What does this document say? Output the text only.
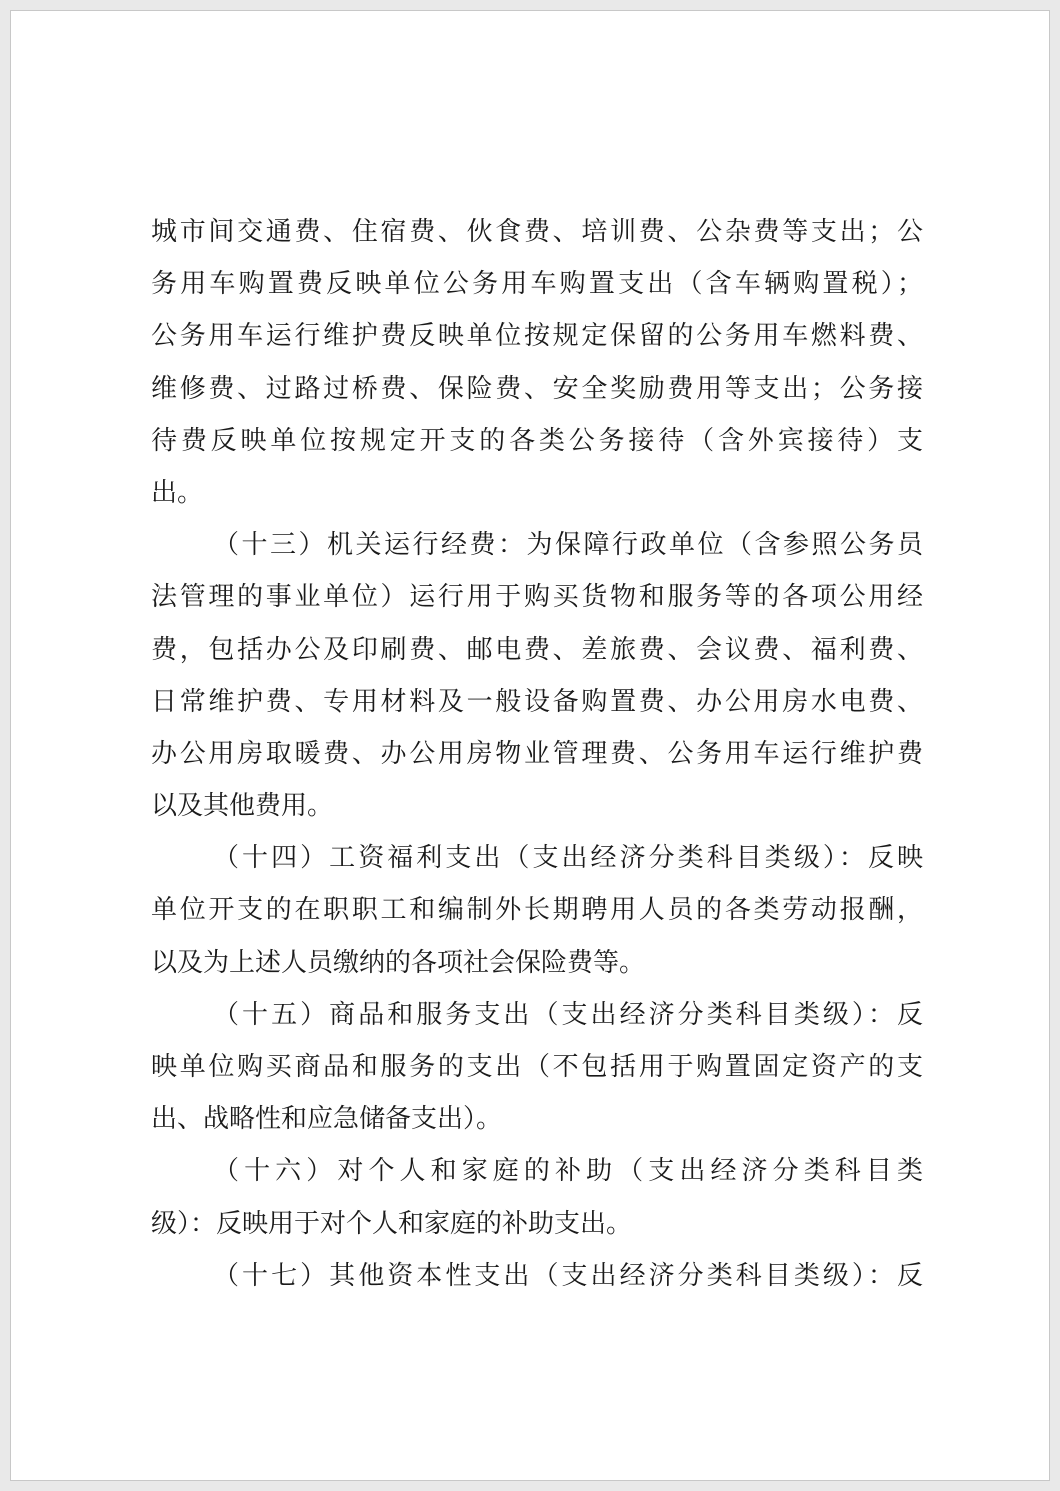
城市间交通费、住宿费、伙食费、培训费、公杂费等支出；公
务用车购置费反映单位公务用车购置支出（含车辆购置税）；
公务用车运行维护费反映单位按规定保留的公务用车燃料费、
维修费、过路过桥费、保险费、安全奖励费用等支出；公务接
待费反映单位按规定开支的各类公务接待（含外宾接待）支
出。
（十三）机关运行经费：为保障行政单位（含参照公务员
法管理的事业单位）运行用于购买货物和服务等的各项公用经
费，包括办公及印刷费、邮电费、差旅费、会议费、福利费、
日常维护费、专用材料及一般设备购置费、办公用房水电费、
办公用房取暖费、办公用房物业管理费、公务用车运行维护费
以及其他费用。
（十四）工资福利支出（支出经济分类科目类级）：反映
单位开支的在职职工和编制外长期聘用人员的各类劳动报酬，
以及为上述人员缴纳的各项社会保险费等。
（十五）商品和服务支出（支出经济分类科目类级）：反
映单位购买商品和服务的支出（不包括用于购置固定资产的支
出、战略性和应急储备支出）。
（十六）对个人和家庭的补助（支出经济分类科目类
级）：反映用于对个人和家庭的补助支出。
（十七）其他资本性支出（支出经济分类科目类级）：反
